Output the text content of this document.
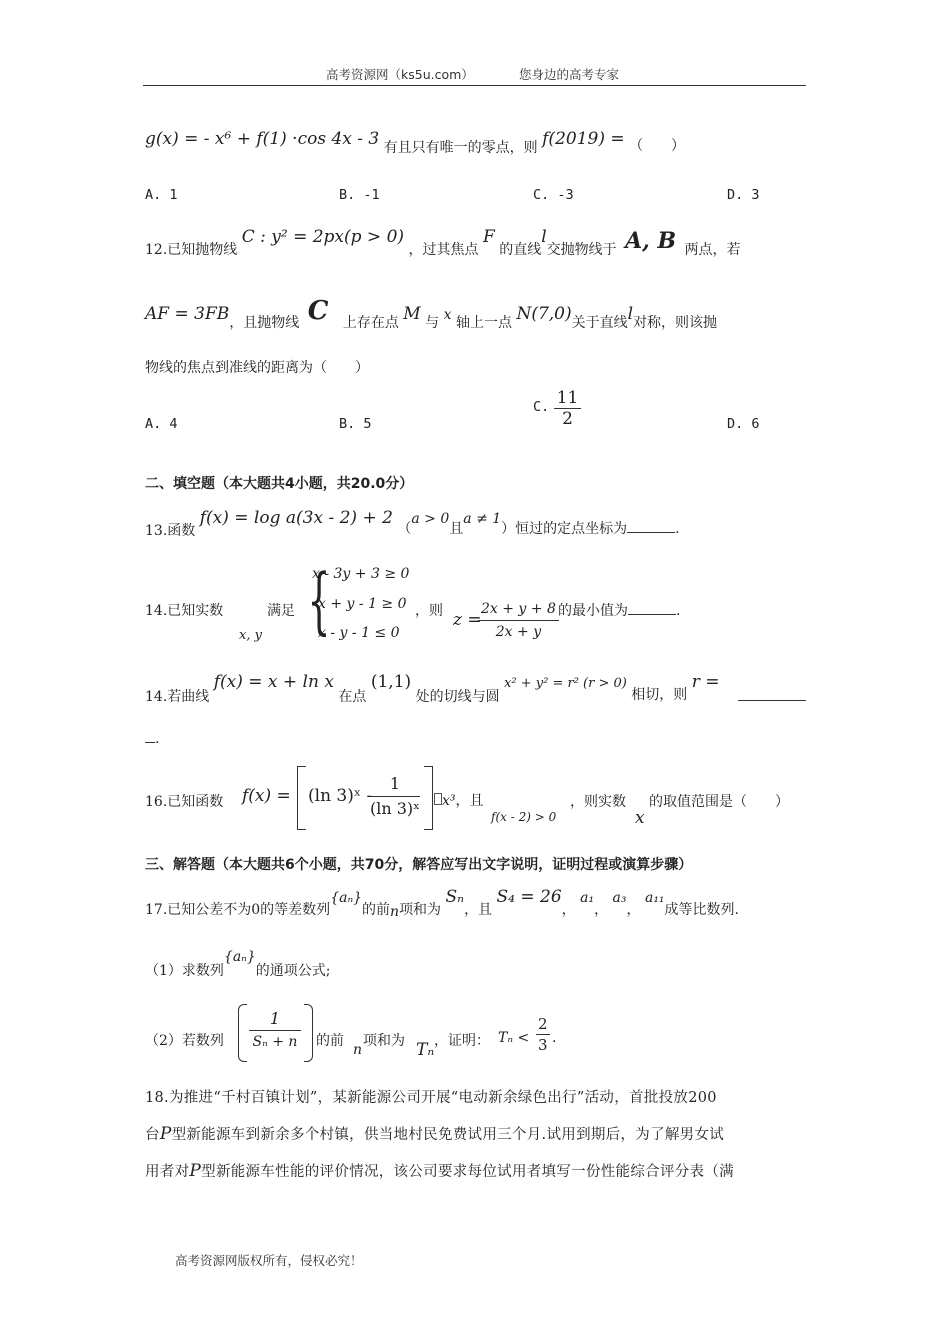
高考资源网（ks5u.com）	您身边的高考专家
g(x) = - x⁶ + f(1) ·cos 4x - 3 有且只有唯一的零点，则 f(2019) = （　　）
A. 1	B. -1	C. -3	D. 3
12.已知抛物线 C : y² = 2px(p > 0) ，过其焦点 F 的直线l交抛物线于 A, B 两点，若
AF = 3FB，且抛物线 C 上存在点 M 与 x 轴上一点 N(7,0)关于直线l对称，则该抛
物线的焦点到准线的距离为（　　）
A. 4	B. 5
C. $\frac{11}{2}$	D. 6
二、填空题（本大题共4小题，共20.0分）
13.函数 f(x) = log a(3x - 2) + 2 （a > 0且a ≠ 1）恒过的定点坐标为	.
14.已知实数
x, y
满足 {
x - 3y + 3 ≥ 0
x + y - 1 ≥ 0
x - y - 1 ≤ 0
，则 z =
$\frac{2x + y + 8}{2x + y}$ 的最小值为	.
14.若曲线 f(x) = x + ln x 在点 (1,1) 处的切线与圆 x² + y² = r² (r > 0) 相切，则 r =
.
16.已知函数 f(x) = (ln 3)ˣ -
$\frac{1}{\text{(ln 3)ˣ}}$	x³，且
f(x - 2) > 0
，则实数
x
的取值范围是（　　）
三、解答题（本大题共6个小题，共70分，解答应写出文字说明，证明过程或演算步骤）
17.已知公差不为0的等差数列{aₙ}的前n项和为 Sₙ，且 S₄ = 26， a₁， a₃， a₁₁成等比数列.
（1）求数列{aₙ}的通项公式;
（2）若数列 $\frac{1}{\text{Sₙ + n}}$ 的前
n
项和为 Tₙ ，证明： $T_n < \frac{2}{3}$ .
18.为推进“千村百镇计划”，某新能源公司开展“电动新余绿色出行”活动，首批投放200
台P型新能源车到新余多个村镇，供当地村民免费试用三个月.试用到期后，为了解男女试
用者对P型新能源车性能的评价情况，该公司要求每位试用者填写一份性能综合评分表（满
高考资源网版权所有，侵权必究！
